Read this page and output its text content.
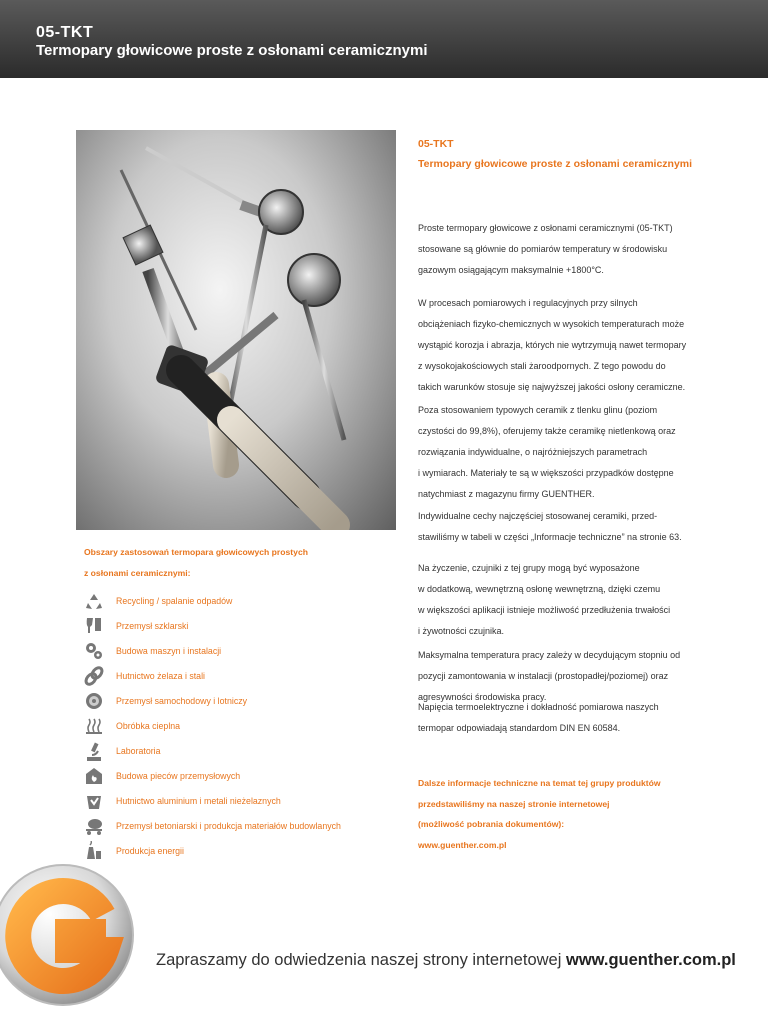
05-TKT
Termopary głowicowe proste z osłonami ceramicznymi
05-TKT
Termopary głowicowe proste z osłonami ceramicznymi
Proste termopary głowicowe z osłonami ceramicznymi (05-TKT)
stosowane są głównie do pomiarów temperatury w środowisku
gazowym osiągającym maksymalnie +1800°C.
W procesach pomiarowych i regulacyjnych przy silnych
obciążeniach fizyko-chemicznych w wysokich temperaturach może
wystąpić korozja i abrazja, których nie wytrzymują nawet termopary
z wysokojakościowych stali żaroodpornych. Z tego powodu do
takich warunków stosuje się najwyższej jakości osłony ceramiczne.
Poza stosowaniem typowych ceramik z tlenku glinu (poziom
czystości do 99,8%), oferujemy także ceramikę nietlenkową oraz
rozwiązania indywidualne, o najróżniejszych parametrach
i wymiarach. Materiały te są w większości przypadków dostępne
natychmiast z magazynu firmy GUENTHER.
Indywidualne cechy najczęściej stosowanej ceramiki, przed-
stawiliśmy w tabeli w części „Informacje techniczne” na stronie 63.
Na życzenie, czujniki z tej grupy mogą być wyposażone
w dodatkową, wewnętrzną osłonę wewnętrzną, dzięki czemu
w większości aplikacji istnieje możliwość przedłużenia trwałości
i żywotności czujnika.
Maksymalna temperatura pracy zależy w decydującym stopniu od
pozycji zamontowania w instalacji (prostopadłej/poziomej) oraz
agresywności środowiska pracy.
Napięcia termoelektryczne i dokładność pomiarowa naszych
termopar odpowiadają standardom DIN EN 60584.
Dalsze informacje techniczne na temat tej grupy produktów
przedstawiliśmy na naszej stronie internetowej
(możliwość pobrania dokumentów):
www.guenther.com.pl
Obszary zastosowań termopara głowicowych prostych
z osłonami ceramicznymi:
Recycling / spalanie odpadów
Przemysł szklarski
Budowa maszyn i instalacji
Hutnictwo żelaza i stali
Przemysł samochodowy i lotniczy
Obróbka cieplna
Laboratoria
Budowa pieców przemysłowych
Hutnictwo aluminium i metali nieżelaznych
Przemysł betoniarski i produkcja materiałów budowlanych
Produkcja energii
Zapraszamy do odwiedzenia naszej strony internetowej www.guenther.com.pl
